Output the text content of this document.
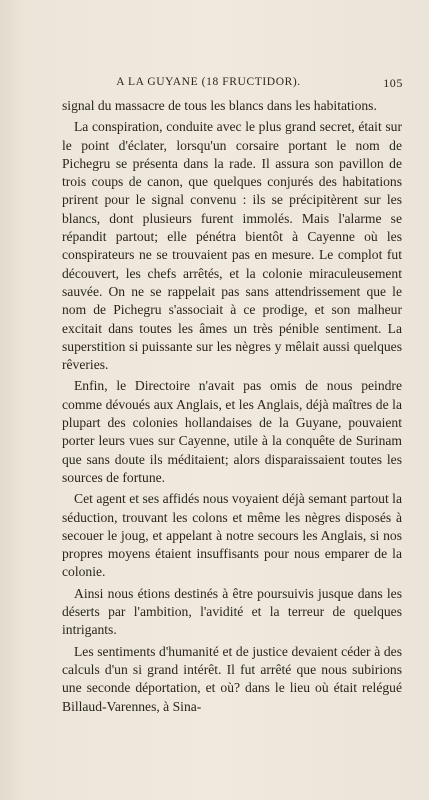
A LA GUYANE (18 FRUCTIDOR).	105

signal du massacre de tous les blancs dans les habitations.

La conspiration, conduite avec le plus grand secret, était sur le point d'éclater, lorsqu'un corsaire portant le nom de Pichegru se présenta dans la rade. Il assura son pavillon de trois coups de canon, que quelques conjurés des habitations prirent pour le signal convenu : ils se précipitèrent sur les blancs, dont plusieurs furent immolés. Mais l'alarme se répandit partout; elle pénétra bientôt à Cayenne où les conspirateurs ne se trouvaient pas en mesure. Le complot fut découvert, les chefs arrêtés, et la colonie miraculeusement sauvée. On ne se rappelait pas sans attendrissement que le nom de Pichegru s'associait à ce prodige, et son malheur excitait dans toutes les âmes un très pénible sentiment. La superstition si puissante sur les nègres y mêlait aussi quelques rêveries.

Enfin, le Directoire n'avait pas omis de nous peindre comme dévoués aux Anglais, et les Anglais, déjà maîtres de la plupart des colonies hollandaises de la Guyane, pouvaient porter leurs vues sur Cayenne, utile à la conquête de Surinam que sans doute ils méditaient; alors disparaissaient toutes les sources de fortune.

Cet agent et ses affidés nous voyaient déjà semant partout la séduction, trouvant les colons et même les nègres disposés à secouer le joug, et appelant à notre secours les Anglais, si nos propres moyens étaient insuffisants pour nous emparer de la colonie.

Ainsi nous étions destinés à être poursuivis jusque dans les déserts par l'ambition, l'avidité et la terreur de quelques intrigants.

Les sentiments d'humanité et de justice devaient céder à des calculs d'un si grand intérêt. Il fut arrêté que nous subirions une seconde déportation, et où? dans le lieu où était relégué Billaud-Varennes, à Sina-
